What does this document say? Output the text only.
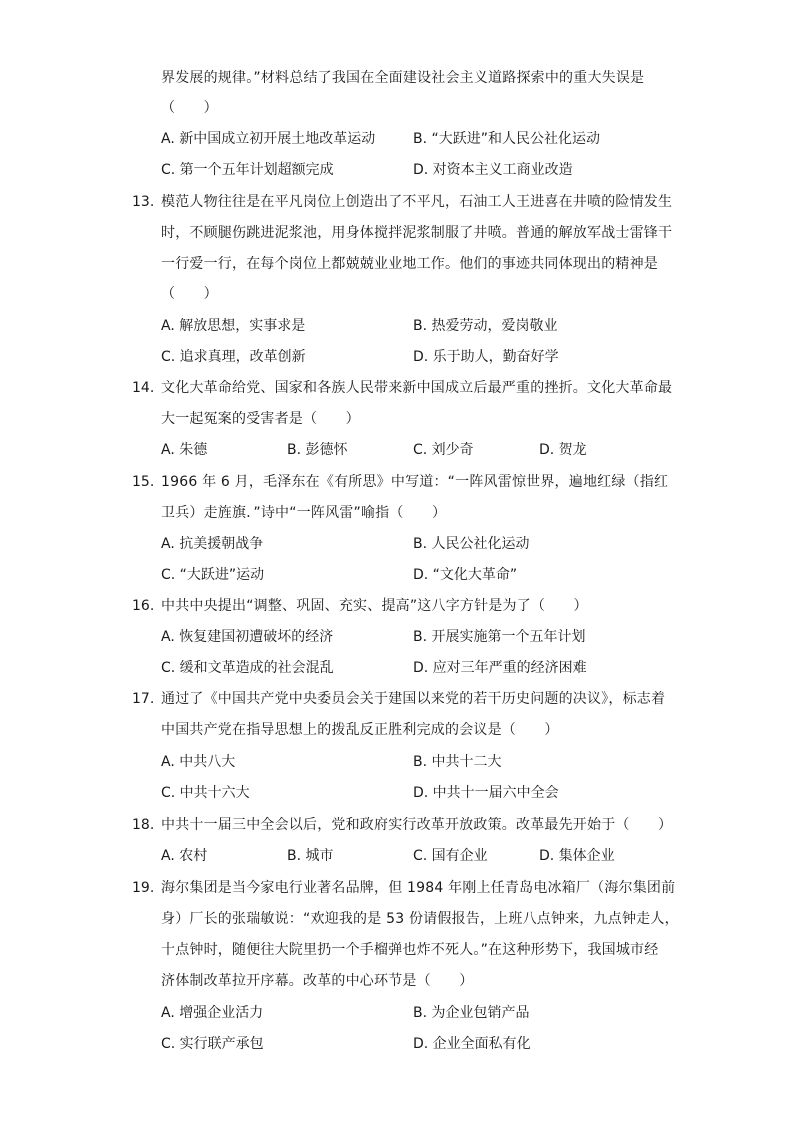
界发展的规律。”材料总结了我国在全面建设社会主义道路探索中的重大失误是
（　　）
A. 新中国成立初开展土地改革运动	B. “大跃进”和人民公社化运动
C. 第一个五年计划超额完成	D. 对资本主义工商业改造
13. 模范人物往往是在平凡岗位上创造出了不平凡，石油工人王进喜在井喷的险情发生
时，不顾腿伤跳进泥浆池，用身体搅拌泥浆制服了井喷。普通的解放军战士雷锋干
一行爱一行，在每个岗位上都兢兢业业地工作。他们的事迹共同体现出的精神是
（　　）
A. 解放思想，实事求是	B. 热爱劳动，爱岗敬业
C. 追求真理，改革创新	D. 乐于助人，勤奋好学
14. 文化大革命给党、国家和各族人民带来新中国成立后最严重的挫折。文化大革命最
大一起冤案的受害者是（　　）
A. 朱德	B. 彭德怀	C. 刘少奇	D. 贺龙
15. 1966 年 6 月，毛泽东在《有所思》中写道：“一阵风雷惊世界，遍地红绿（指红
卫兵）走旌旗．”诗中“一阵风雷”喻指（　　）
A. 抗美援朝战争	B. 人民公社化运动
C. “大跃进”运动	D. “文化大革命”
16. 中共中央提出“调整、巩固、充实、提高”这八字方针是为了（　　）
A. 恢复建国初遭破坏的经济	B. 开展实施第一个五年计划
C. 缓和文革造成的社会混乱	D. 应对三年严重的经济困难
17. 通过了《中国共产党中央委员会关于建国以来党的若干历史问题的决议》，标志着
中国共产党在指导思想上的拨乱反正胜利完成的会议是（　　）
A. 中共八大	B. 中共十二大
C. 中共十六大	D. 中共十一届六中全会
18. 中共十一届三中全会以后，党和政府实行改革开放政策。改革最先开始于（　　）
A. 农村	B. 城市	C. 国有企业	D. 集体企业
19. 海尔集团是当今家电行业著名品牌，但 1984 年刚上任青岛电冰箱厂（海尔集团前
身）厂长的张瑞敏说：“欢迎我的是 53 份请假报告，上班八点钟来，九点钟走人，
十点钟时，随便往大院里扔一个手榴弹也炸不死人。”在这种形势下，我国城市经
济体制改革拉开序幕。改革的中心环节是（　　）
A. 增强企业活力	B. 为企业包销产品
C. 实行联产承包	D. 企业全面私有化
